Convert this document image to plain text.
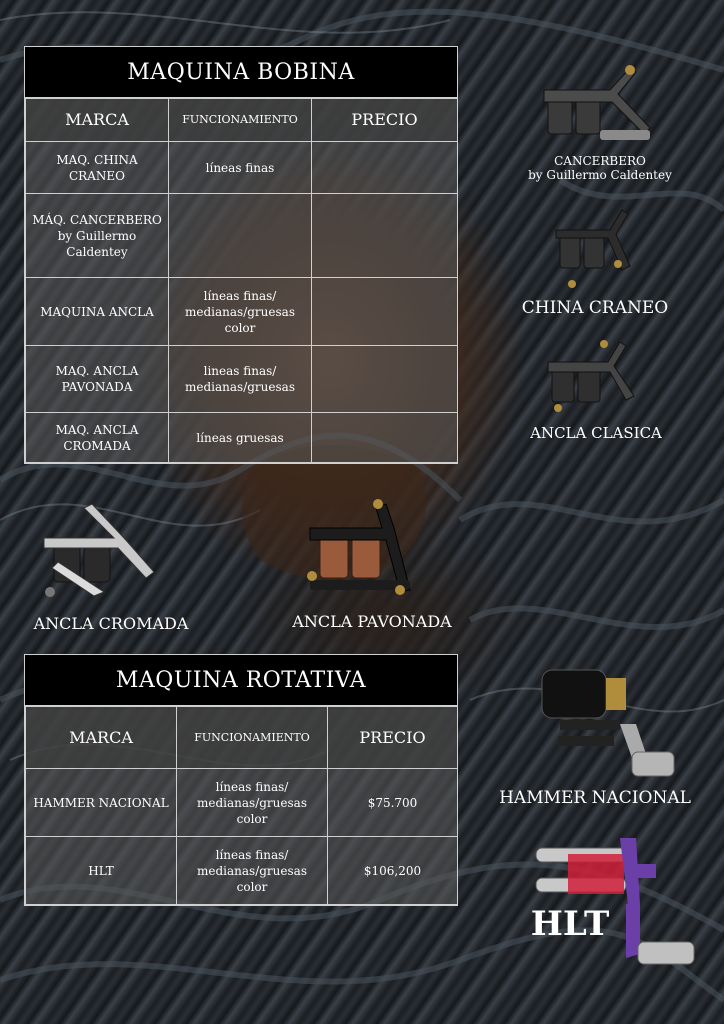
MAQUINA BOBINA
MARCA	FUNCIONAMIENTO	PRECIO
MAQ. CHINA CRANEO	líneas finas	
MÁQ. CANCERBERO by Guillermo Caldentey		
MAQUINA ANCLA	líneas finas/ medianas/gruesas color	
MAQ. ANCLA PAVONADA	lineas finas/ medianas/gruesas	
MAQ. ANCLA CROMADA	líneas gruesas	
MAQUINA ROTATIVA
MARCA	FUNCIONAMIENTO	PRECIO
HAMMER NACIONAL	líneas finas/ medianas/gruesas color	$75.700
HLT	líneas finas/ medianas/gruesas color	$106,200
CANCERBERO
by Guillermo Caldentey
CHINA CRANEO
ANCLA CLASICA
ANCLA CROMADA	ANCLA PAVONADA
HAMMER NACIONAL
HLT
